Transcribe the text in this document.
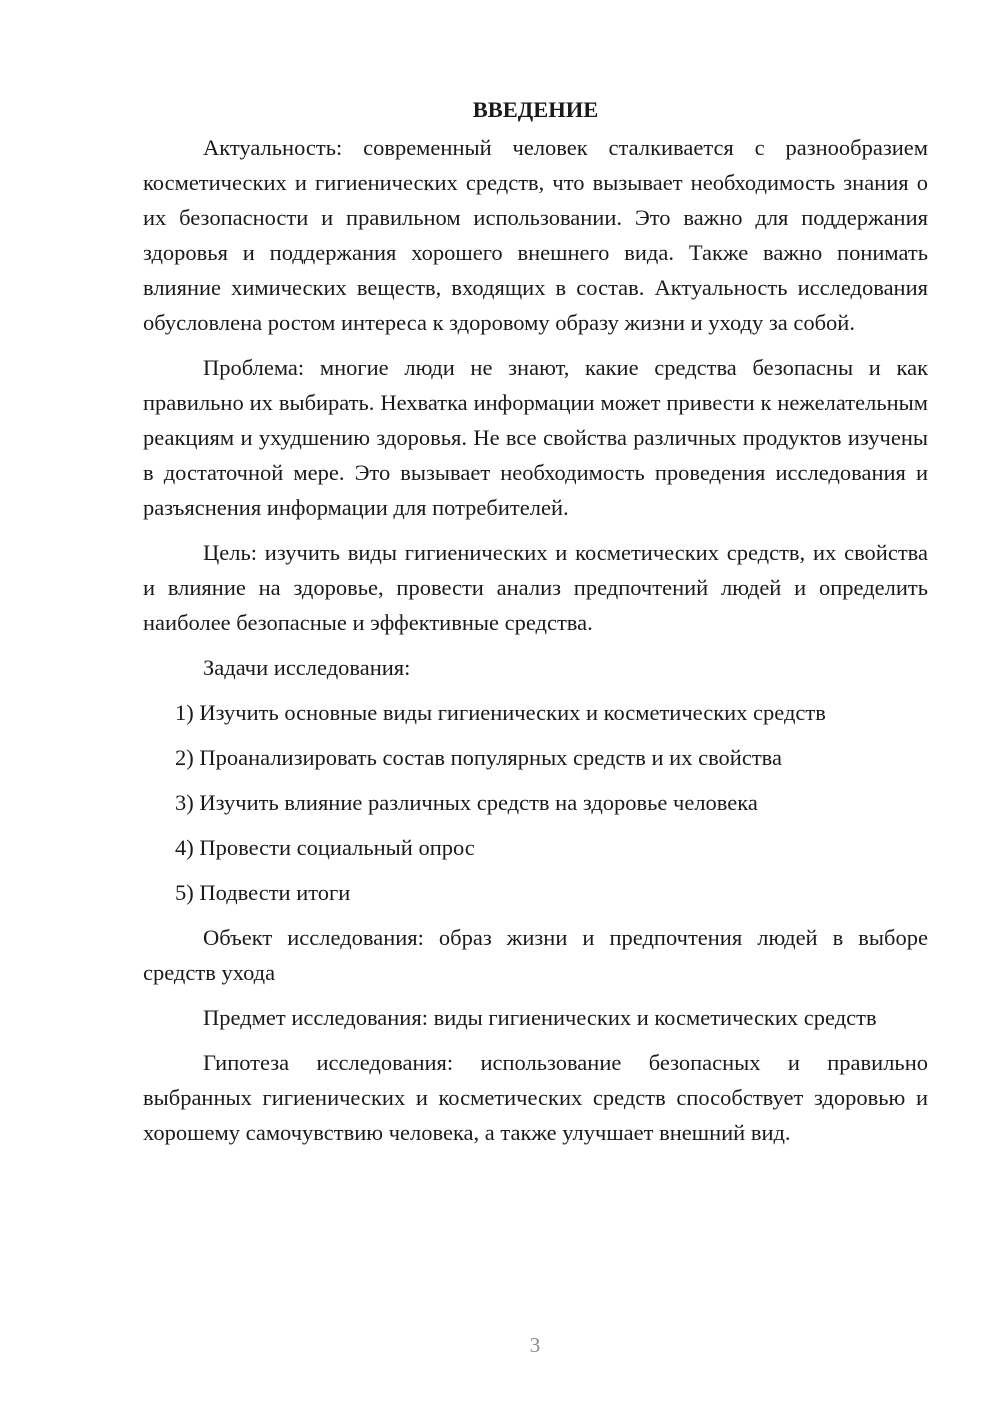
ВВЕДЕНИЕ

Актуальность: современный человек сталкивается с разнообразием косметических и гигиенических средств, что вызывает необходимость знания о их безопасности и правильном использовании. Это важно для поддержания здоровья и поддержания хорошего внешнего вида. Также важно понимать влияние химических веществ, входящих в состав. Актуальность исследования обусловлена ростом интереса к здоровому образу жизни и уходу за собой.

Проблема: многие люди не знают, какие средства безопасны и как правильно их выбирать. Нехватка информации может привести к нежелательным реакциям и ухудшению здоровья. Не все свойства различных продуктов изучены в достаточной мере. Это вызывает необходимость проведения исследования и разъяснения информации для потребителей.

Цель: изучить виды гигиенических и косметических средств, их свойства и влияние на здоровье, провести анализ предпочтений людей и определить наиболее безопасные и эффективные средства.

Задачи исследования:

1) Изучить основные виды гигиенических и косметических средств
2) Проанализировать состав популярных средств и их свойства
3) Изучить влияние различных средств на здоровье человека
4) Провести социальный опрос
5) Подвести итоги

Объект исследования: образ жизни и предпочтения людей в выборе средств ухода

Предмет исследования: виды гигиенических и косметических средств

Гипотеза исследования: использование безопасных и правильно выбранных гигиенических и косметических средств способствует здоровью и хорошему самочувствию человека, а также улучшает внешний вид.

3
